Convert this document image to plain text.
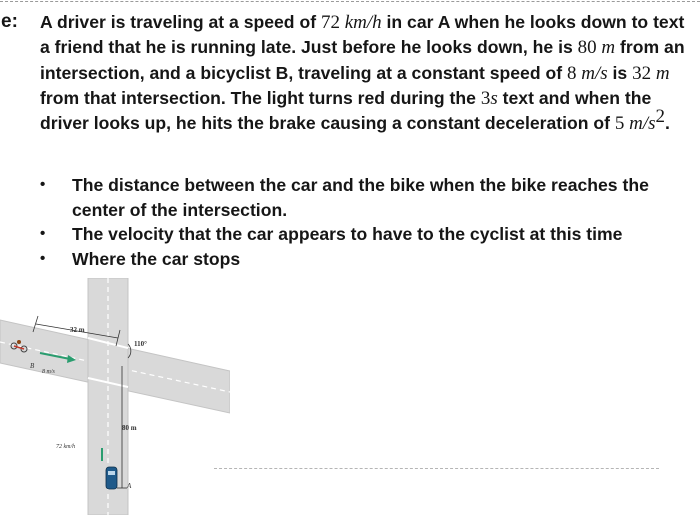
e: A driver is traveling at a speed of 72 km/h in car A when he looks down to text a friend that he is running late. Just before he looks down, he is 80 m from an intersection, and a bicyclist B, traveling at a constant speed of 8 m/s is 32 m from that intersection. The light turns red during the 3s text and when the driver looks up, he hits the brake causing a constant deceleration of 5 $m/s^2$.
• The distance between the car and the bike when the bike reaches the center of the intersection.
• The velocity that the car appears to have to the cyclist at this time
• Where the car stops
32 m
110°
B
8 m/s
80 m
72 km/h
A
